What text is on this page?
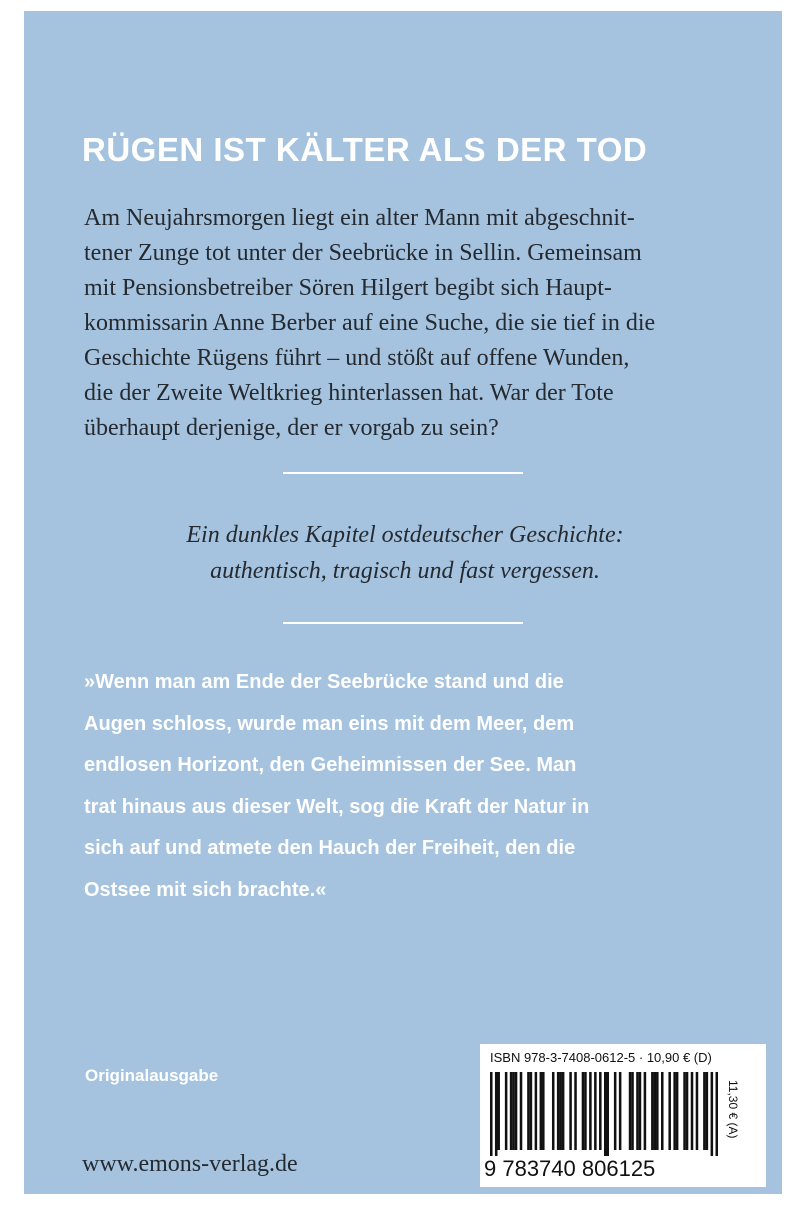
RÜGEN IST KÄLTER ALS DER TOD
Am Neujahrsmorgen liegt ein alter Mann mit abgeschnit-
tener Zunge tot unter der Seebrücke in Sellin. Gemeinsam
mit Pensionsbetreiber Sören Hilgert begibt sich Haupt-
kommissarin Anne Berber auf eine Suche, die sie tief in die
Geschichte Rügens führt – und stößt auf offene Wunden,
die der Zweite Weltkrieg hinterlassen hat. War der Tote
überhaupt derjenige, der er vorgab zu sein?
Ein dunkles Kapitel ostdeutscher Geschichte:
authentisch, tragisch und fast vergessen.
»Wenn man am Ende der Seebrücke stand und die
Augen schloss, wurde man eins mit dem Meer, dem
endlosen Horizont, den Geheimnissen der See. Man
trat hinaus aus dieser Welt, sog die Kraft der Natur in
sich auf und atmete den Hauch der Freiheit, den die
Ostsee mit sich brachte.«
Originalausgabe
www.emons-verlag.de
ISBN 978-3-7408-0612-5 · 10,90 € (D)
9 783740 806125
11,30 € (A)
